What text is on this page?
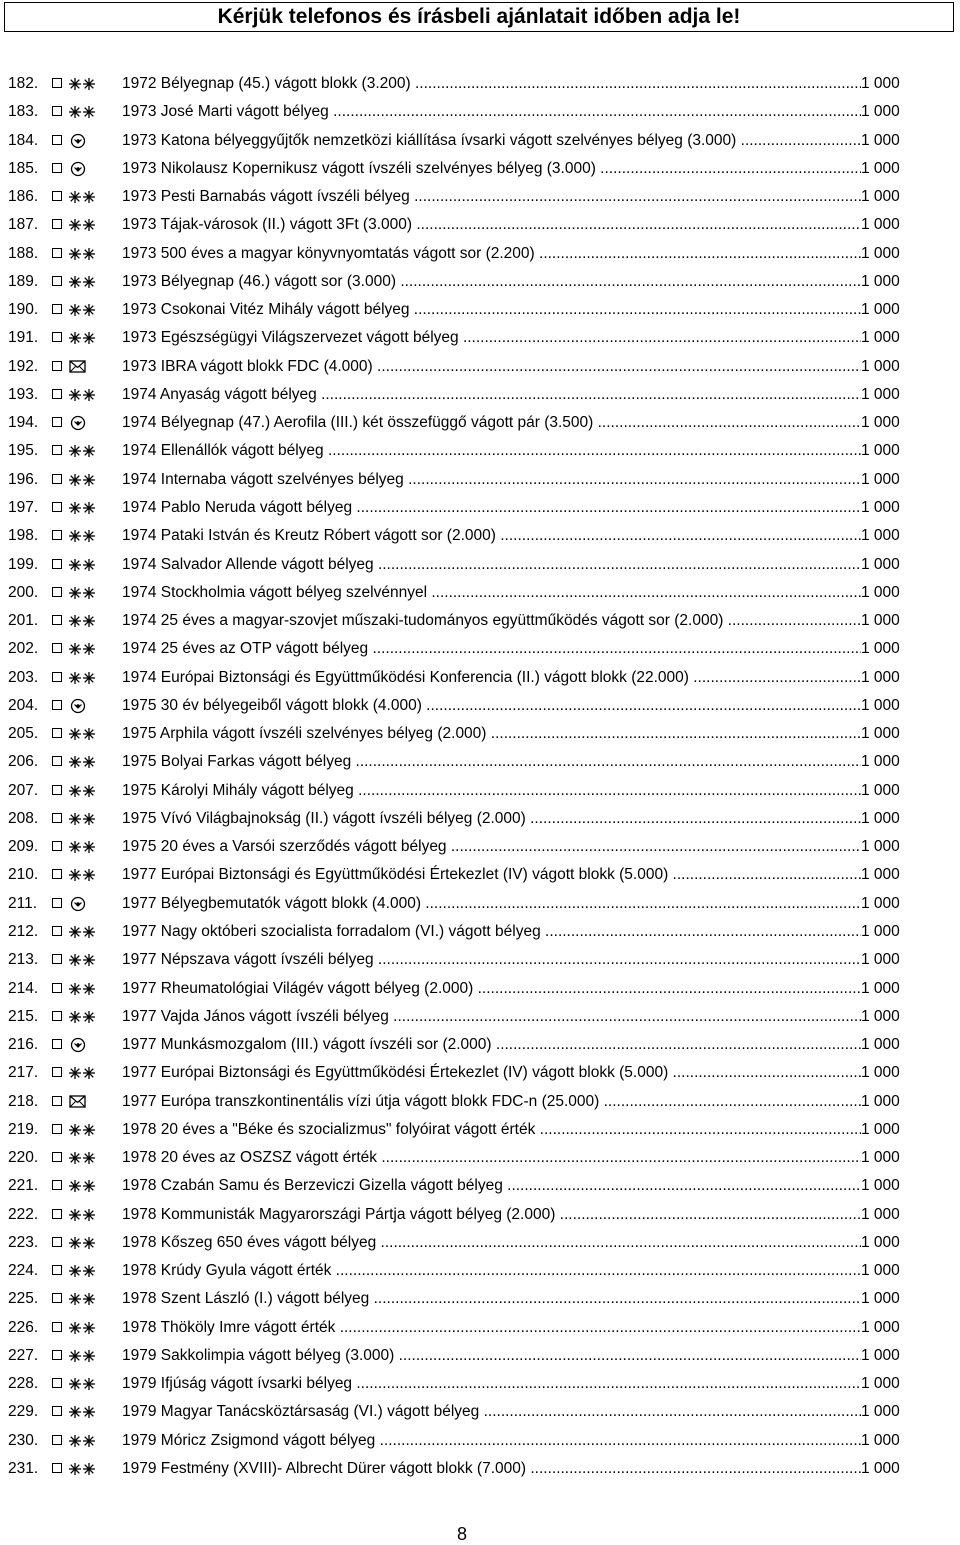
Kérjük telefonos és írásbeli ajánlatait időben adja le!
182.	1972 Bélyegnap (45.) vágott blokk (3.200) .....	1 000
183.	1973 José Marti vágott bélyeg .....	1 000
184.	1973 Katona bélyeggyűjtők nemzetközi kiállítása ívsarki vágott szelvényes bélyeg (3.000) .....	1 000
185.	1973 Nikolausz Kopernikusz vágott ívszéli szelvényes bélyeg (3.000) .....	1 000
186.	1973 Pesti Barnabás vágott ívszéli bélyeg .....	1 000
187.	1973 Tájak-városok (II.) vágott 3Ft (3.000) .....	1 000
188.	1973 500 éves a magyar könyvnyomtatás vágott sor (2.200) .....	1 000
189.	1973 Bélyegnap (46.) vágott sor (3.000) .....	1 000
190.	1973 Csokonai Vitéz Mihály vágott bélyeg .....	1 000
191.	1973 Egészségügyi Világszervezet vágott bélyeg .....	1 000
192.	1973 IBRA vágott blokk FDC (4.000) .....	1 000
193.	1974 Anyaság vágott bélyeg .....	1 000
194.	1974 Bélyegnap (47.) Aerofila (III.) két összefüggő vágott pár (3.500) .....	1 000
195.	1974 Ellenállók vágott bélyeg .....	1 000
196.	1974 Internaba vágott szelvényes bélyeg .....	1 000
197.	1974 Pablo Neruda vágott bélyeg .....	1 000
198.	1974 Pataki István és Kreutz Róbert vágott sor (2.000) .....	1 000
199.	1974 Salvador Allende vágott bélyeg .....	1 000
200.	1974 Stockholmia vágott bélyeg szelvénnyel .....	1 000
201.	1974 25 éves a magyar-szovjet műszaki-tudományos együttműködés vágott sor (2.000) .....	1 000
202.	1974 25 éves az OTP vágott bélyeg .....	1 000
203.	1974 Európai Biztonsági és Együttműködési Konferencia (II.) vágott blokk (22.000) .....	1 000
204.	1975 30 év bélyegeiből vágott blokk (4.000) .....	1 000
205.	1975 Arphila vágott ívszéli szelvényes bélyeg (2.000) .....	1 000
206.	1975 Bolyai Farkas vágott bélyeg .....	1 000
207.	1975 Károlyi Mihály vágott bélyeg .....	1 000
208.	1975 Vívó Világbajnokság (II.) vágott ívszéli bélyeg (2.000) .....	1 000
209.	1975 20 éves a Varsói szerződés vágott bélyeg .....	1 000
210.	1977 Európai Biztonsági és Együttműködési Értekezlet (IV) vágott blokk (5.000) .....	1 000
211.	1977 Bélyegbemutatók vágott blokk (4.000) .....	1 000
212.	1977 Nagy októberi szocialista forradalom (VI.) vágott bélyeg .....	1 000
213.	1977 Népszava vágott ívszéli bélyeg .....	1 000
214.	1977 Rheumatológiai Világév vágott bélyeg (2.000) .....	1 000
215.	1977 Vajda János vágott ívszéli bélyeg .....	1 000
216.	1977 Munkásmozgalom (III.) vágott ívszéli sor (2.000) .....	1 000
217.	1977 Európai Biztonsági és Együttműködési Értekezlet (IV) vágott blokk (5.000) .....	1 000
218.	1977 Európa transzkontinentális vízi útja vágott blokk FDC-n (25.000) .....	1 000
219.	1978 20 éves a "Béke és szocializmus" folyóirat vágott érték .....	1 000
220.	1978 20 éves az OSZSZ vágott érték .....	1 000
221.	1978 Czabán Samu és Berzeviczi Gizella vágott bélyeg .....	1 000
222.	1978 Kommunisták Magyarországi Pártja vágott bélyeg (2.000) .....	1 000
223.	1978 Kőszeg 650 éves vágott bélyeg .....	1 000
224.	1978 Krúdy Gyula vágott érték .....	1 000
225.	1978 Szent László (I.) vágott bélyeg .....	1 000
226.	1978 Thököly Imre vágott érték .....	1 000
227.	1979 Sakkolimpia vágott bélyeg (3.000) .....	1 000
228.	1979 Ifjúság vágott ívsarki bélyeg .....	1 000
229.	1979 Magyar Tanácsköztársaság (VI.) vágott bélyeg .....	1 000
230.	1979 Móricz Zsigmond vágott bélyeg .....	1 000
231.	1979 Festmény (XVIII)- Albrecht Dürer vágott blokk (7.000) .....	1 000
8
